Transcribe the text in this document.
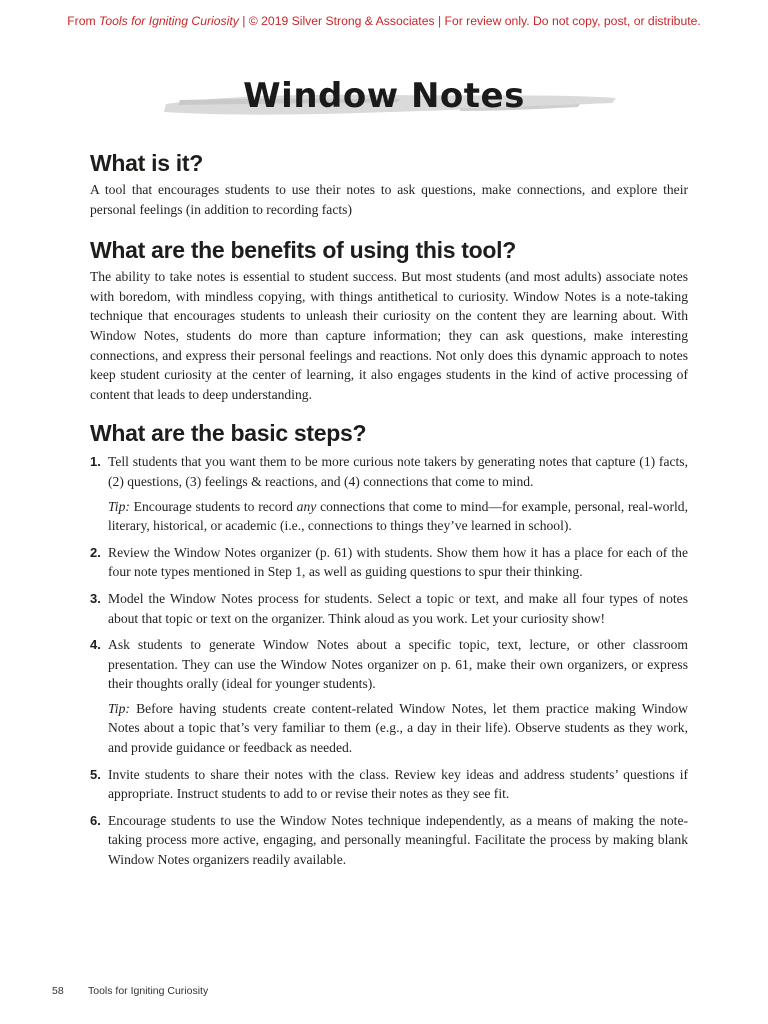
From Tools for Igniting Curiosity | © 2019 Silver Strong & Associates | For review only. Do not copy, post, or distribute.
Window Notes
What is it?

A tool that encourages students to use their notes to ask questions, make connections, and explore their personal feelings (in addition to recording facts)

What are the benefits of using this tool?

The ability to take notes is essential to student success. But most students (and most adults) associate notes with boredom, with mindless copying, with things antithetical to curiosity. Window Notes is a note-taking technique that encourages students to unleash their curiosity on the content they are learning about. With Window Notes, students do more than capture information; they can ask questions, make interesting connections, and express their personal feelings and reactions. Not only does this dynamic approach to notes keep student curiosity at the center of learning, it also engages students in the kind of active processing of content that leads to deep understanding.

What are the basic steps?
1. Tell students that you want them to be more curious note takers by generating notes that capture (1) facts, (2) questions, (3) feelings & reactions, and (4) connections that come to mind.

Tip: Encourage students to record any connections that come to mind—for example, personal, real-world, literary, historical, or academic (i.e., connections to things they’ve learned in school).

2. Review the Window Notes organizer (p. 61) with students. Show them how it has a place for each of the four note types mentioned in Step 1, as well as guiding questions to spur their thinking.

3. Model the Window Notes process for students. Select a topic or text, and make all four types of notes about that topic or text on the organizer. Think aloud as you work. Let your curiosity show!

4. Ask students to generate Window Notes about a specific topic, text, lecture, or other classroom presentation. They can use the Window Notes organizer on p. 61, make their own organizers, or express their thoughts orally (ideal for younger students).

Tip: Before having students create content-related Window Notes, let them practice making Window Notes about a topic that’s very familiar to them (e.g., a day in their life). Observe students as they work, and provide guidance or feedback as needed.

5. Invite students to share their notes with the class. Review key ideas and address students’ questions if appropriate. Instruct students to add to or revise their notes as they see fit.

6. Encourage students to use the Window Notes technique independently, as a means of making the note-taking process more active, engaging, and personally meaningful. Facilitate the process by making blank Window Notes organizers readily available.

58 Tools for Igniting Curiosity
